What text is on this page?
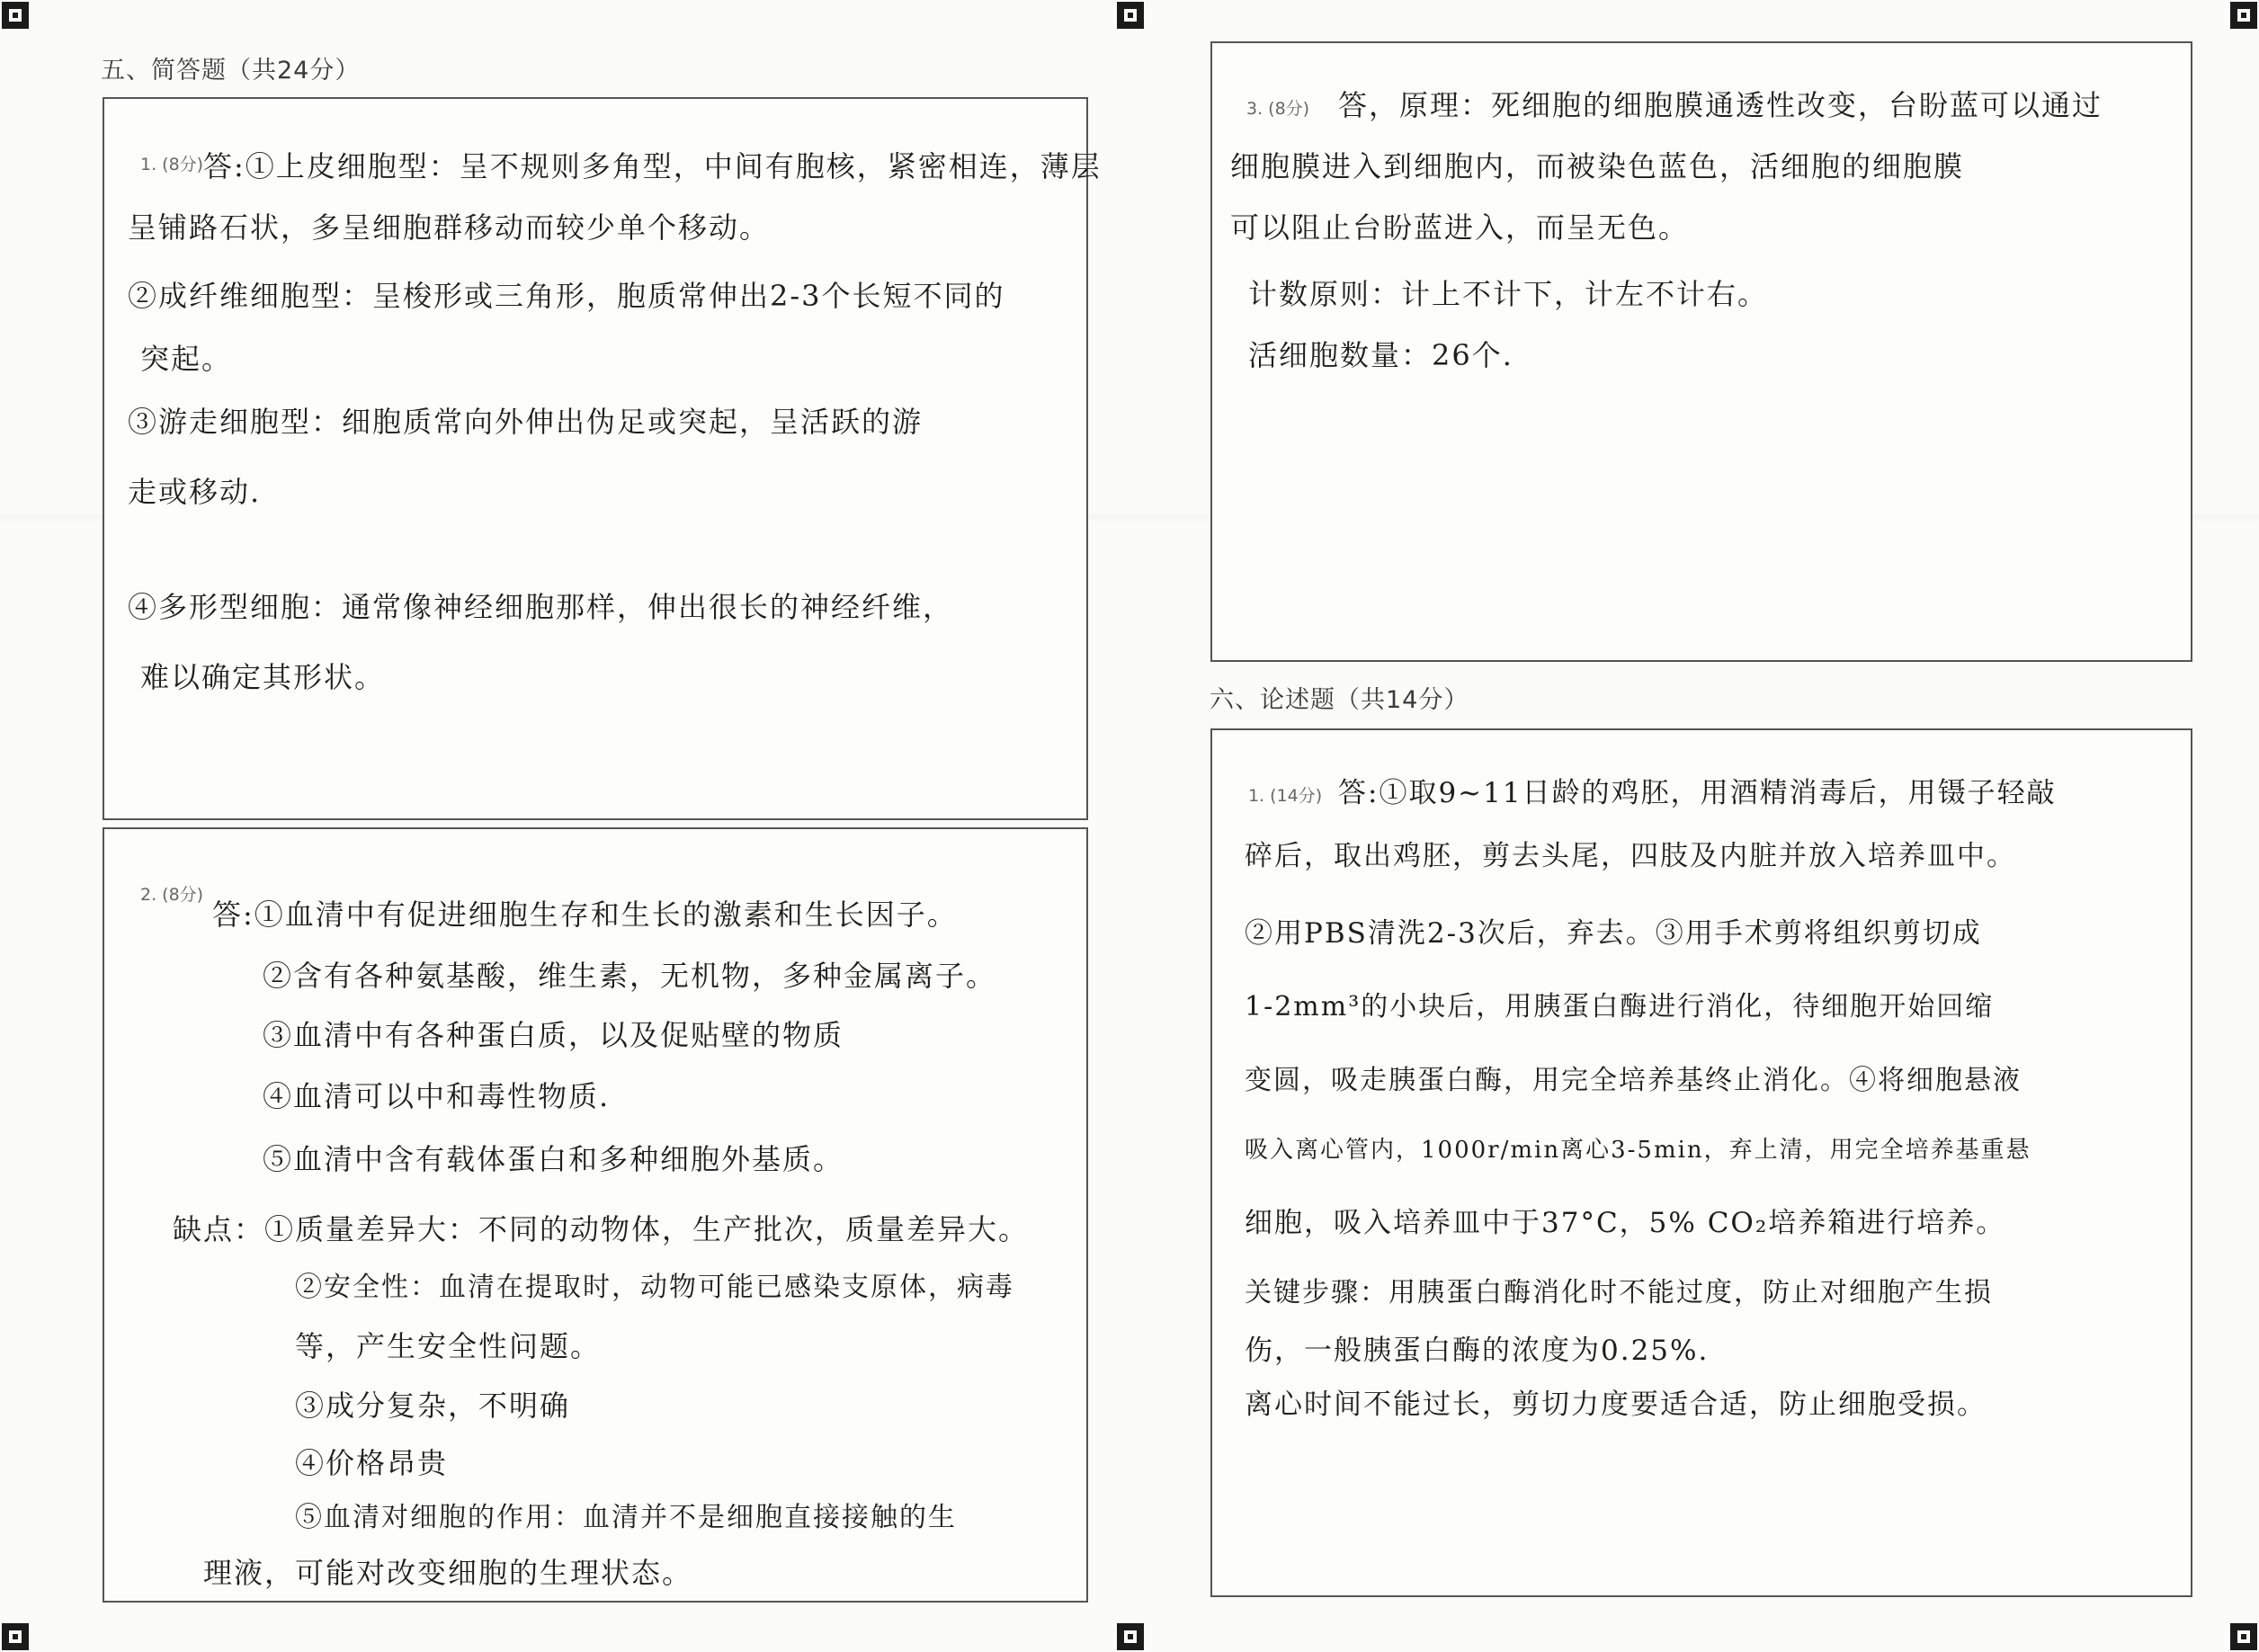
五、简答题（共24分）
六、论述题（共14分）
1. (8分) 答:①上皮细胞型：呈不规则多角型，中间有胞核，紧密相连，薄层
呈铺路石状，多呈细胞群移动而较少单个移动。
②成纤维细胞型：呈梭形或三角形，胞质常伸出2-3个长短不同的
突起。
③游走细胞型：细胞质常向外伸出伪足或突起，呈活跃的游
走或移动.
④多形型细胞：通常像神经细胞那样，伸出很长的神经纤维，
难以确定其形状。
2. (8分)
答:①血清中有促进细胞生存和生长的激素和生长因子。
②含有各种氨基酸，维生素，无机物，多种金属离子。
③血清中有各种蛋白质，以及促贴壁的物质
④血清可以中和毒性物质.
⑤血清中含有载体蛋白和多种细胞外基质。
缺点：①质量差异大：不同的动物体，生产批次，质量差异大。
②安全性：血清在提取时，动物可能已感染支原体，病毒
等，产生安全性问题。
③成分复杂，不明确
④价格昂贵
⑤血清对细胞的作用：血清并不是细胞直接接触的生
理液，可能对改变细胞的生理状态。
3. (8分) 答，原理：死细胞的细胞膜通透性改变，台盼蓝可以通过
细胞膜进入到细胞内，而被染色蓝色，活细胞的细胞膜
可以阻止台盼蓝进入，而呈无色。
计数原则：计上不计下，计左不计右。
活细胞数量：26个.
1. (14分) 答:①取9~11日龄的鸡胚，用酒精消毒后，用镊子轻敲
碎后，取出鸡胚，剪去头尾，四肢及内脏并放入培养皿中。
②用PBS清洗2-3次后，弃去。③用手术剪将组织剪切成
1-2mm³的小块后，用胰蛋白酶进行消化，待细胞开始回缩
变圆，吸走胰蛋白酶，用完全培养基终止消化。④将细胞悬液
吸入离心管内，1000r/min离心3-5min，弃上清，用完全培养基重悬
细胞，吸入培养皿中于37°C，5% CO₂培养箱进行培养。
关键步骤：用胰蛋白酶消化时不能过度，防止对细胞产生损
伤，一般胰蛋白酶的浓度为0.25%.
离心时间不能过长，剪切力度要适合适，防止细胞受损。
